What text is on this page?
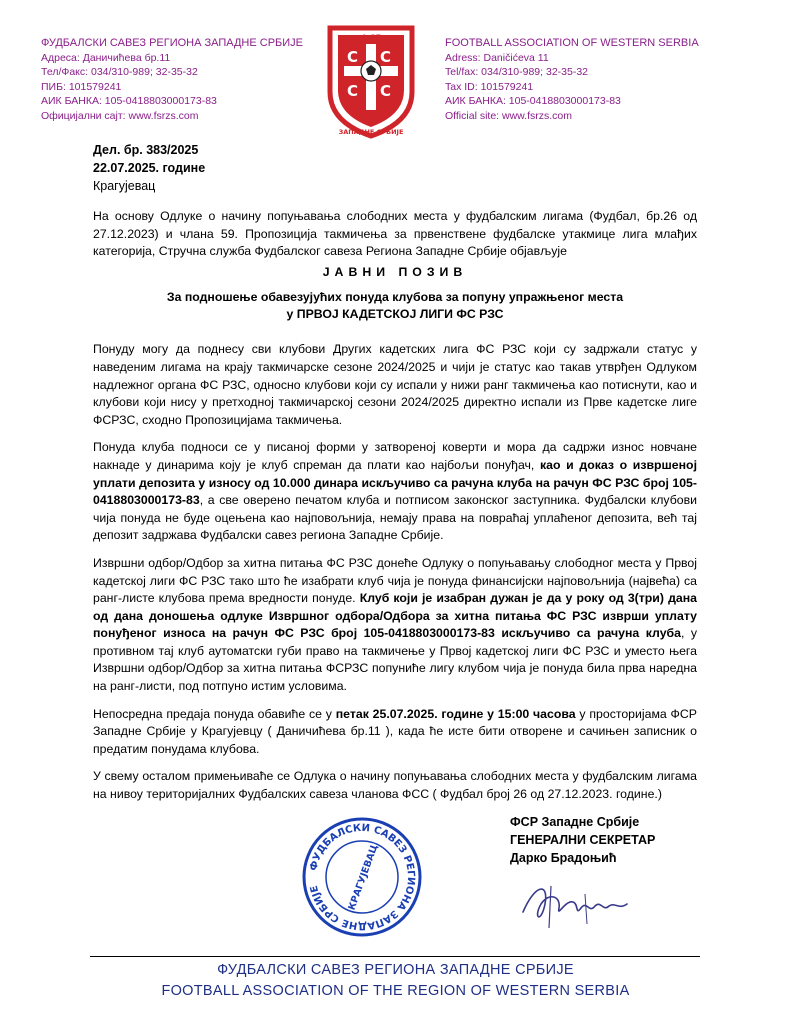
ФУДБАЛСКИ САВЕЗ РЕГИОНА ЗАПАДНЕ СРБИЈЕ
Адреса: Даничићева бр.11
Тел/Факс: 034/310-989; 32-35-32
ПИБ: 101579241
АИК БАНКА: 105-0418803000173-83
Официјални сајт: www.fsrzs.com
С С
С С
ФСР
ЗАПАДНЕ СРБИЈЕ
FOOTBALL ASSOCIATION OF WESTERN SERBIA
Adress: Daničićeva 11
Tel/fax: 034/310-989; 32-35-32
Tax ID: 101579241
АИК БАНКА: 105-0418803000173-83
Official site: www.fsrzs.com
Дел. бр. 383/2025
22.07.2025. године
Крагујевац

На основу Одлуке о начину попуњавања слободних места у фудбалским лигама (Фудбал, бр.26 од 27.12.2023) и члана 59. Пропозиција такмичења за првенствене фудбалске утакмице лига млађих категорија, Стручна служба Фудбалског савеза Региона Западне Србије објављује

ЈАВНИ ПОЗИВ
За подношење обавезујућих понуда клубова за попуну упражњеног места
у ПРВОЈ КАДЕТСКОЈ ЛИГИ ФС РЗС

Понуду могу да поднесу сви клубови Других кадетских лига ФС РЗС који су задржали статус у наведеним лигама на крају такмичарске сезоне 2024/2025 и чији је статус као такав утврђен Одлуком надлежног органа ФС РЗС, односно клубови који су испали у нижи ранг такмичења као потиснути, као и клубови који нису у претходној такмичарској сезони 2024/2025 директно испали из Прве кадетске лиге ФСРЗС, сходно Пропозицијама такмичења.

Понуда клуба подноси се у писаној форми у затвореној коверти и мора да садржи износ новчане накнаде у динарима коју је клуб спреман да плати као најбољи понуђач, као и доказ о извршеној уплати депозита у износу од 10.000 динара искључиво са рачуна клуба на рачун ФС РЗС број 105-0418803000173-83, а све оверено печатом клуба и потписом законског заступника. Фудбалски клубови чија понуда не буде оцењена као најповољнија, немају права на повраћај уплаћеног депозита, већ тај депозит задржава Фудбалски савез региона Западне Србије.

Извршни одбор/Одбор за хитна питања ФС РЗС донеће Одлуку о попуњавању слободног места у Првој кадетској лиги ФС РЗС тако што ће изабрати клуб чија је понуда финансијски најповољнија (највећа) са ранг-листе клубова према вредности понуде. Клуб који је изабран дужан је да у року од 3(три) дана од дана доношења одлуке Извршног одбора/Одбора за хитна питања ФС РЗС изврши уплату понуђеног износа на рачун ФС РЗС број 105-0418803000173-83 искључиво са рачуна клуба, у противном тај клуб аутоматски губи право на такмичење у Првој кадетској лиги ФС РЗС и уместо њега Извршни одбор/Одбор за хитна питања ФСРЗС попуниће лигу клубом чија је понуда била прва наредна на ранг-листи, под потпуно истим условима.

Непосредна предаја понуда обавиће се у петак 25.07.2025. године у 15:00 часова у просторијама ФСР Западне Србије у Крагујевцу ( Даничићева бр.11 ), када ће исте бити отворене и сачињен записник о предатим понудама клубова.

У свему осталом примењиваће се Одлука о начину попуњавања слободних места у фудбалским лигама на нивоу територијалних Фудбалских савеза чланова ФСС ( Фудбал број 26 од 27.12.2023. године.)

ФУДБАЛСКИ САВЕЗ РЕГИОНА ЗАПАДНЕ СРБИЈЕ	КРАГУЈЕВАЦ
ФСР Западне Србије
ГЕНЕРАЛНИ СЕКРЕТАР
Дарко Брадоњић
ФУДБАЛСКИ САВЕЗ РЕГИОНА ЗАПАДНЕ СРБИЈЕ
FOOTBALL ASSOCIATION OF THE REGION OF WESTERN SERBIA
